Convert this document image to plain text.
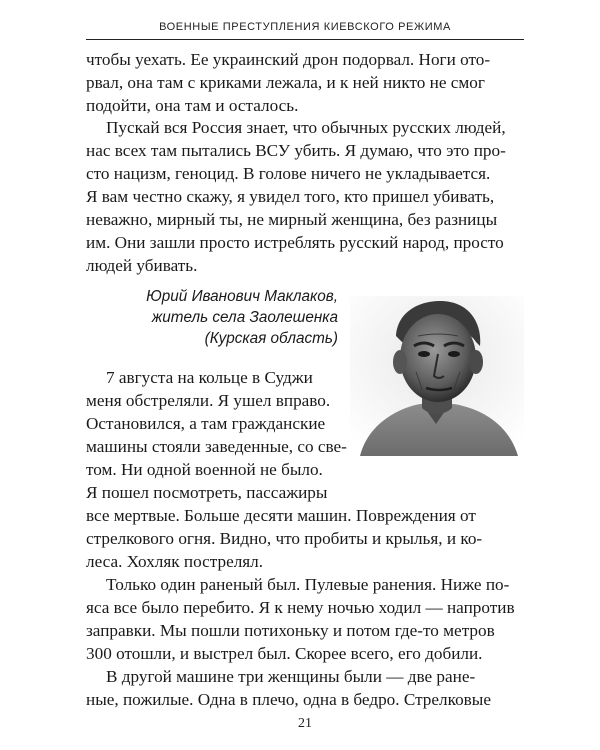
ВОЕННЫЕ ПРЕСТУПЛЕНИЯ КИЕВСКОГО РЕЖИМА
чтобы уехать. Ее украинский дрон подорвал. Ноги ото-
рвал, она там с криками лежала, и к ней никто не смог
подойти, она там и осталось.
Пускай вся Россия знает, что обычных русских людей,
нас всех там пытались ВСУ убить. Я думаю, что это про-
сто нацизм, геноцид. В голове ничего не укладывается.
Я вам честно скажу, я увидел того, кто пришел убивать,
неважно, мирный ты, не мирный женщина, без разницы
им. Они зашли просто истреблять русский народ, просто
людей убивать.
Юрий Иванович Маклаков,
житель села Заолешенка
(Курская область)
7 августа на кольце в Суджи
меня обстреляли. Я ушел вправо.
Остановился, а там гражданские
машины стояли заведенные, со све-
том. Ни одной военной не было.
Я пошел посмотреть, пассажиры
все мертвые. Больше десяти машин. Повреждения от
стрелкового огня. Видно, что пробиты и крылья, и ко-
леса. Хохляк пострелял.
Только один раненый был. Пулевые ранения. Ниже по-
яса все было перебито. Я к нему ночью ходил — напротив
заправки. Мы пошли потихоньку и потом где-то метров
300 отошли, и выстрел был. Скорее всего, его добили.
В другой машине три женщины были — две ране-
ные, пожилые. Одна в плечо, одна в бедро. Стрелковые
21
